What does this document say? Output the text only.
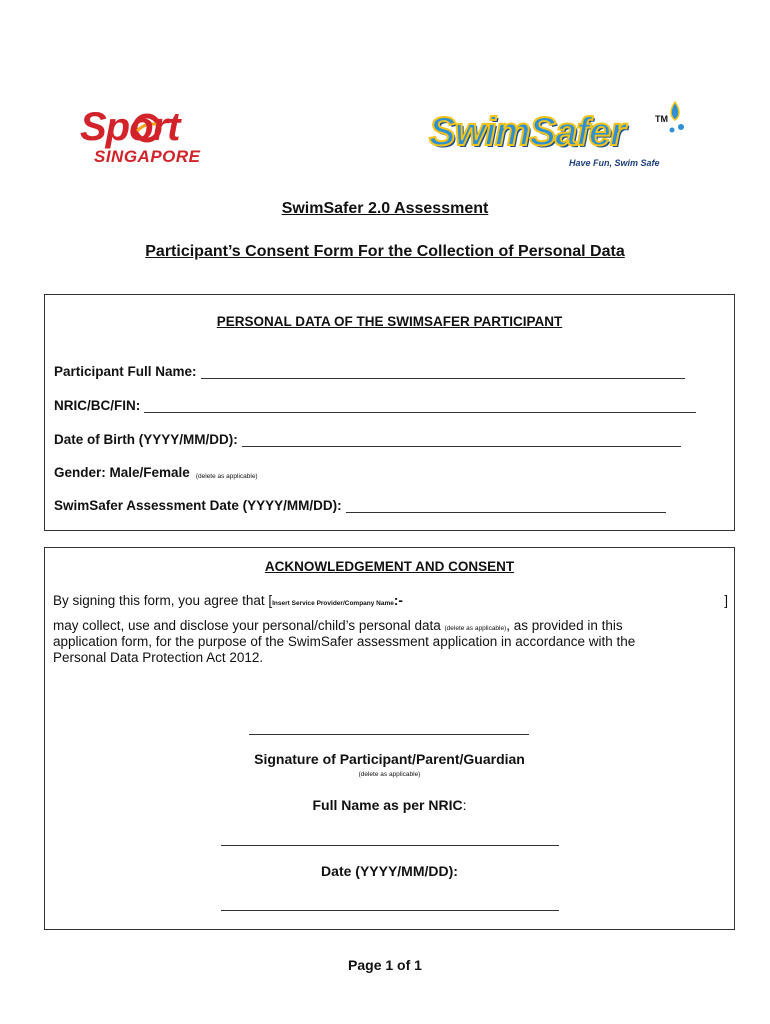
Sport
SINGAPORE
SwimSafer	TM
Have Fun, Swim Safe
SwimSafer 2.0 Assessment
Participant’s Consent Form For the Collection of Personal Data
PERSONAL DATA OF THE SWIMSAFER PARTICIPANT
Participant Full Name:
NRIC/BC/FIN:
Date of Birth (YYYY/MM/DD):
Gender: Male/Female (delete as applicable)
SwimSafer Assessment Date (YYYY/MM/DD):
ACKNOWLEDGEMENT AND CONSENT
By signing this form, you agree that [Insert Service Provider/Company Name:-	]
may collect, use and disclose your personal/child’s personal data (delete as applicable), as provided in this
application form, for the purpose of the SwimSafer assessment application in accordance with the
Personal Data Protection Act 2012.
Signature of Participant/Parent/Guardian
(delete as applicable)
Full Name as per NRIC:
Date (YYYY/MM/DD):
Page 1 of 1
